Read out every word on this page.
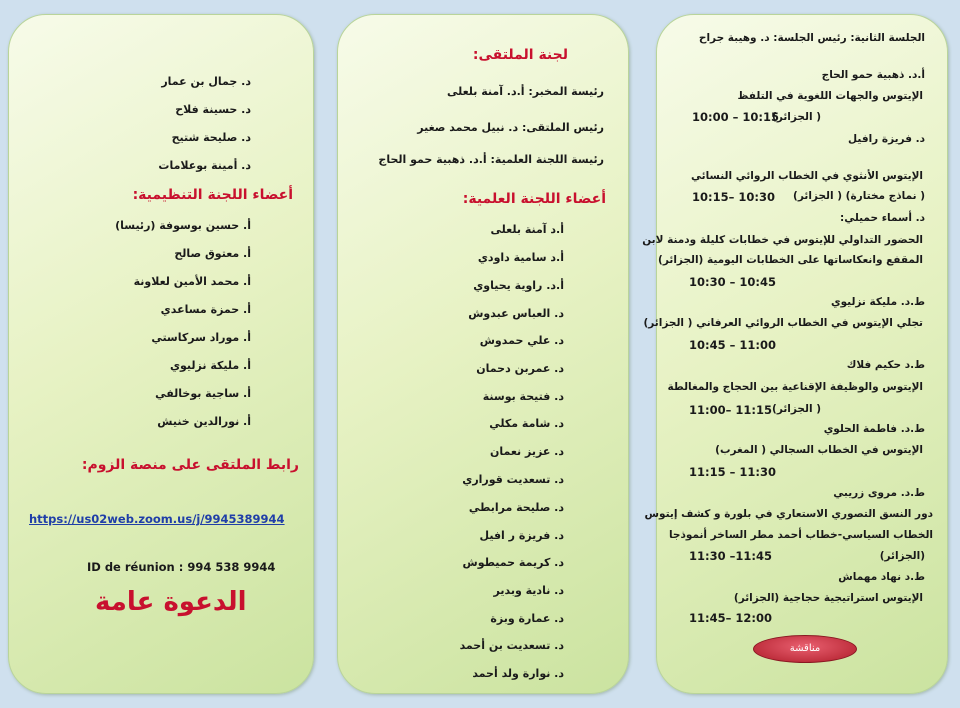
د. جمال بن عمار
د. حسينة فلاح
د. صليحة شتيح
د. أمينة بوعلامات
أعضاء اللجنة التنظيمية:
أ. حسين بوسوفة (رئيسا)
أ. معتوق صالح
أ. محمد الأمين لعلاونة
أ. حمزة مساعدي
أ. موراد سركاستي
أ. مليكة نزليوي
أ. ساجية بوخالفي
أ. نورالدين خنيش
رابط الملتقى على منصة الزوم:
https://us02web.zoom.us/j/9945389944
ID de réunion : 994 538 9944
الدعوة عامة
لجنة الملتقى:
رئيسة المخبر: أ.د. آمنة بلعلى
رئيس الملتقى: د. نبيل محمد صغير
رئيسة اللجنة العلمية: أ.د. ذهبية حمو الحاج
أعضاء اللجنة العلمية:
أ.د آمنة بلعلى
أ.د سامية داودي
أ.د. راوية يحياوي
د. العباس عبدوش
د. علي حمدوش
د. عمربن دحمان
د. فتيحة بوسنة
د. شامة مكلي
د. عزيز نعمان
د. تسعديت قوراري
د. صليحة مرابطي
د. فريزة ر افيل
د. كريمة حميطوش
د. نادية وبدير
د. عمارة وبزة
د. تسعديت بن أحمد
د. نوارة ولد أحمد
الجلسة الثانية: رئيس الجلسة: د. وهيبة جراح
أ.د. ذهبية حمو الحاج
الإيتوس والجهات اللغوية في التلفظ
( الجزائر)
10:00 – 10:15
د. فريزة رافيل
الإيتوس الأنثوي في الخطاب الروائي النسائي
( نماذج مختارة) ( الجزائر)
10:15– 10:30
د. أسماء حميلي:
الحضور التداولي للإيتوس في خطابات كليلة ودمنة لابن
المقفع وانعكاساتها على الخطابات اليومية (الجزائر)
10:30 – 10:45
ط.د. مليكة نزليوي
تجلي الإيتوس في الخطاب الروائي العرفاني ( الجزائر)
10:45 – 11:00
ط.د حكيم فلاك
الإيتوس والوظيفة الإقناعية بين الحجاج والمغالطة
( الجزائر)
11:00– 11:15
ط.د. فاطمة الحلوي
الإيتوس في الخطاب السجالي ( المغرب)
11:15 – 11:30
ط.د. مروى زريبي
دور النسق التصوري الاستعاري في بلورة و كشف إيتوس
الخطاب السياسي-خطاب أحمد مطر الساخر أنموذجا
(الجزائر)
11:30 –11:45
ط.د نهاد مهماش
الإيتوس استراتيجية حجاجية (الجزائر)
11:45– 12:00
مناقشة
